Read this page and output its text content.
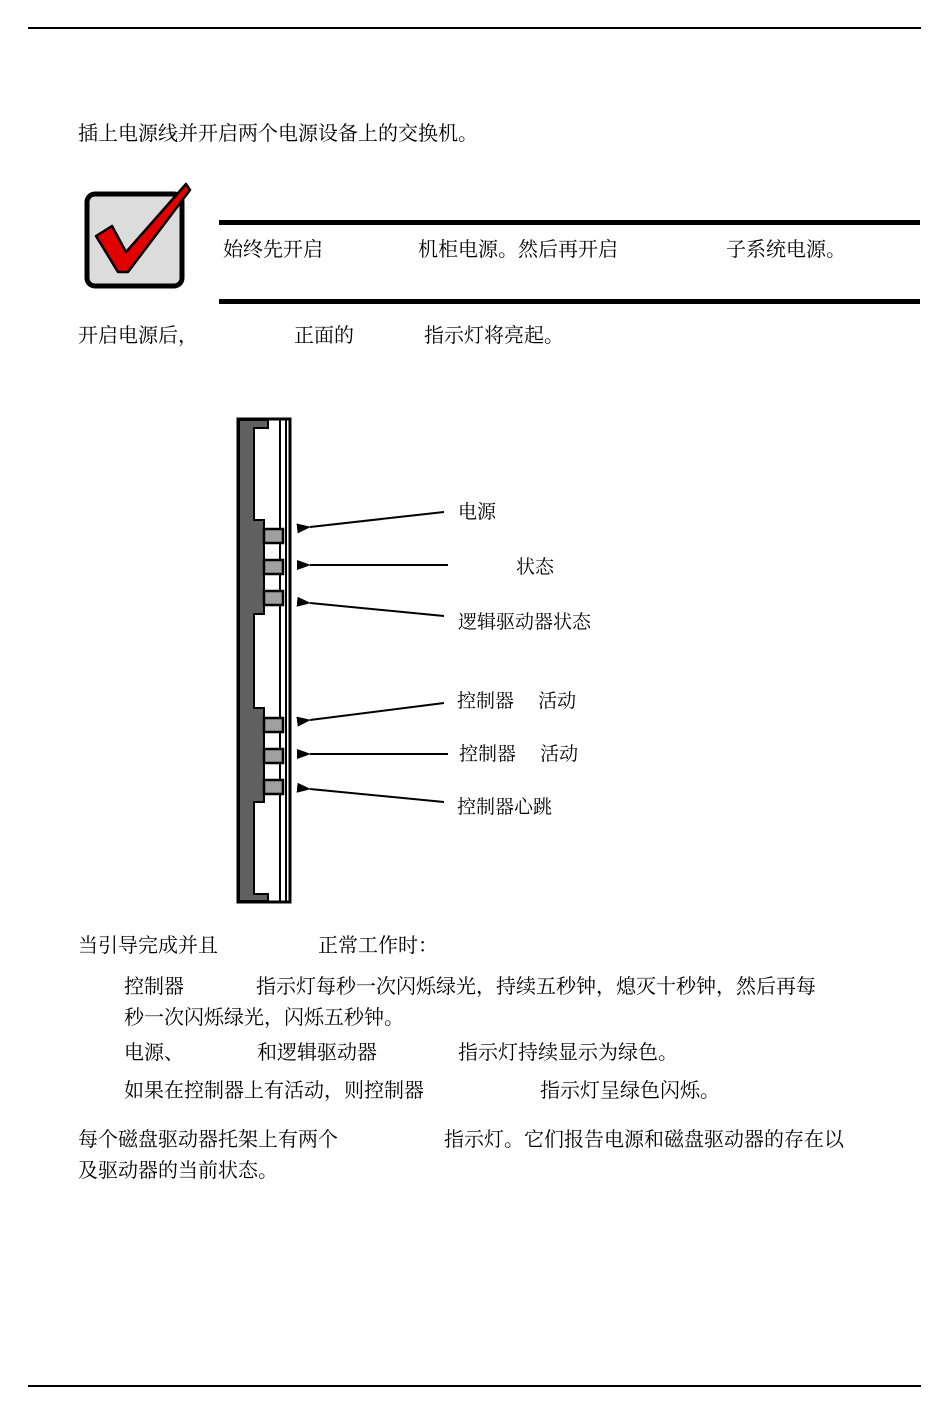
插上电源线并开启两个电源设备上的交换机。
始终先开启	机柜电源。然后再开启	子系统电源。
开启电源后，	正面的	指示灯将亮起。
电源
状态
逻辑驱动器状态
控制器    活动
控制器    活动
控制器心跳
当引导完成并且	正常工作时：
控制器	指示灯每秒一次闪烁绿光，持续五秒钟，熄灭十秒钟，然后再每
秒一次闪烁绿光，闪烁五秒钟。
电源、	和逻辑驱动器	指示灯持续显示为绿色。
如果在控制器上有活动，则控制器	指示灯呈绿色闪烁。
每个磁盘驱动器托架上有两个	指示灯。它们报告电源和磁盘驱动器的存在以
及驱动器的当前状态。
